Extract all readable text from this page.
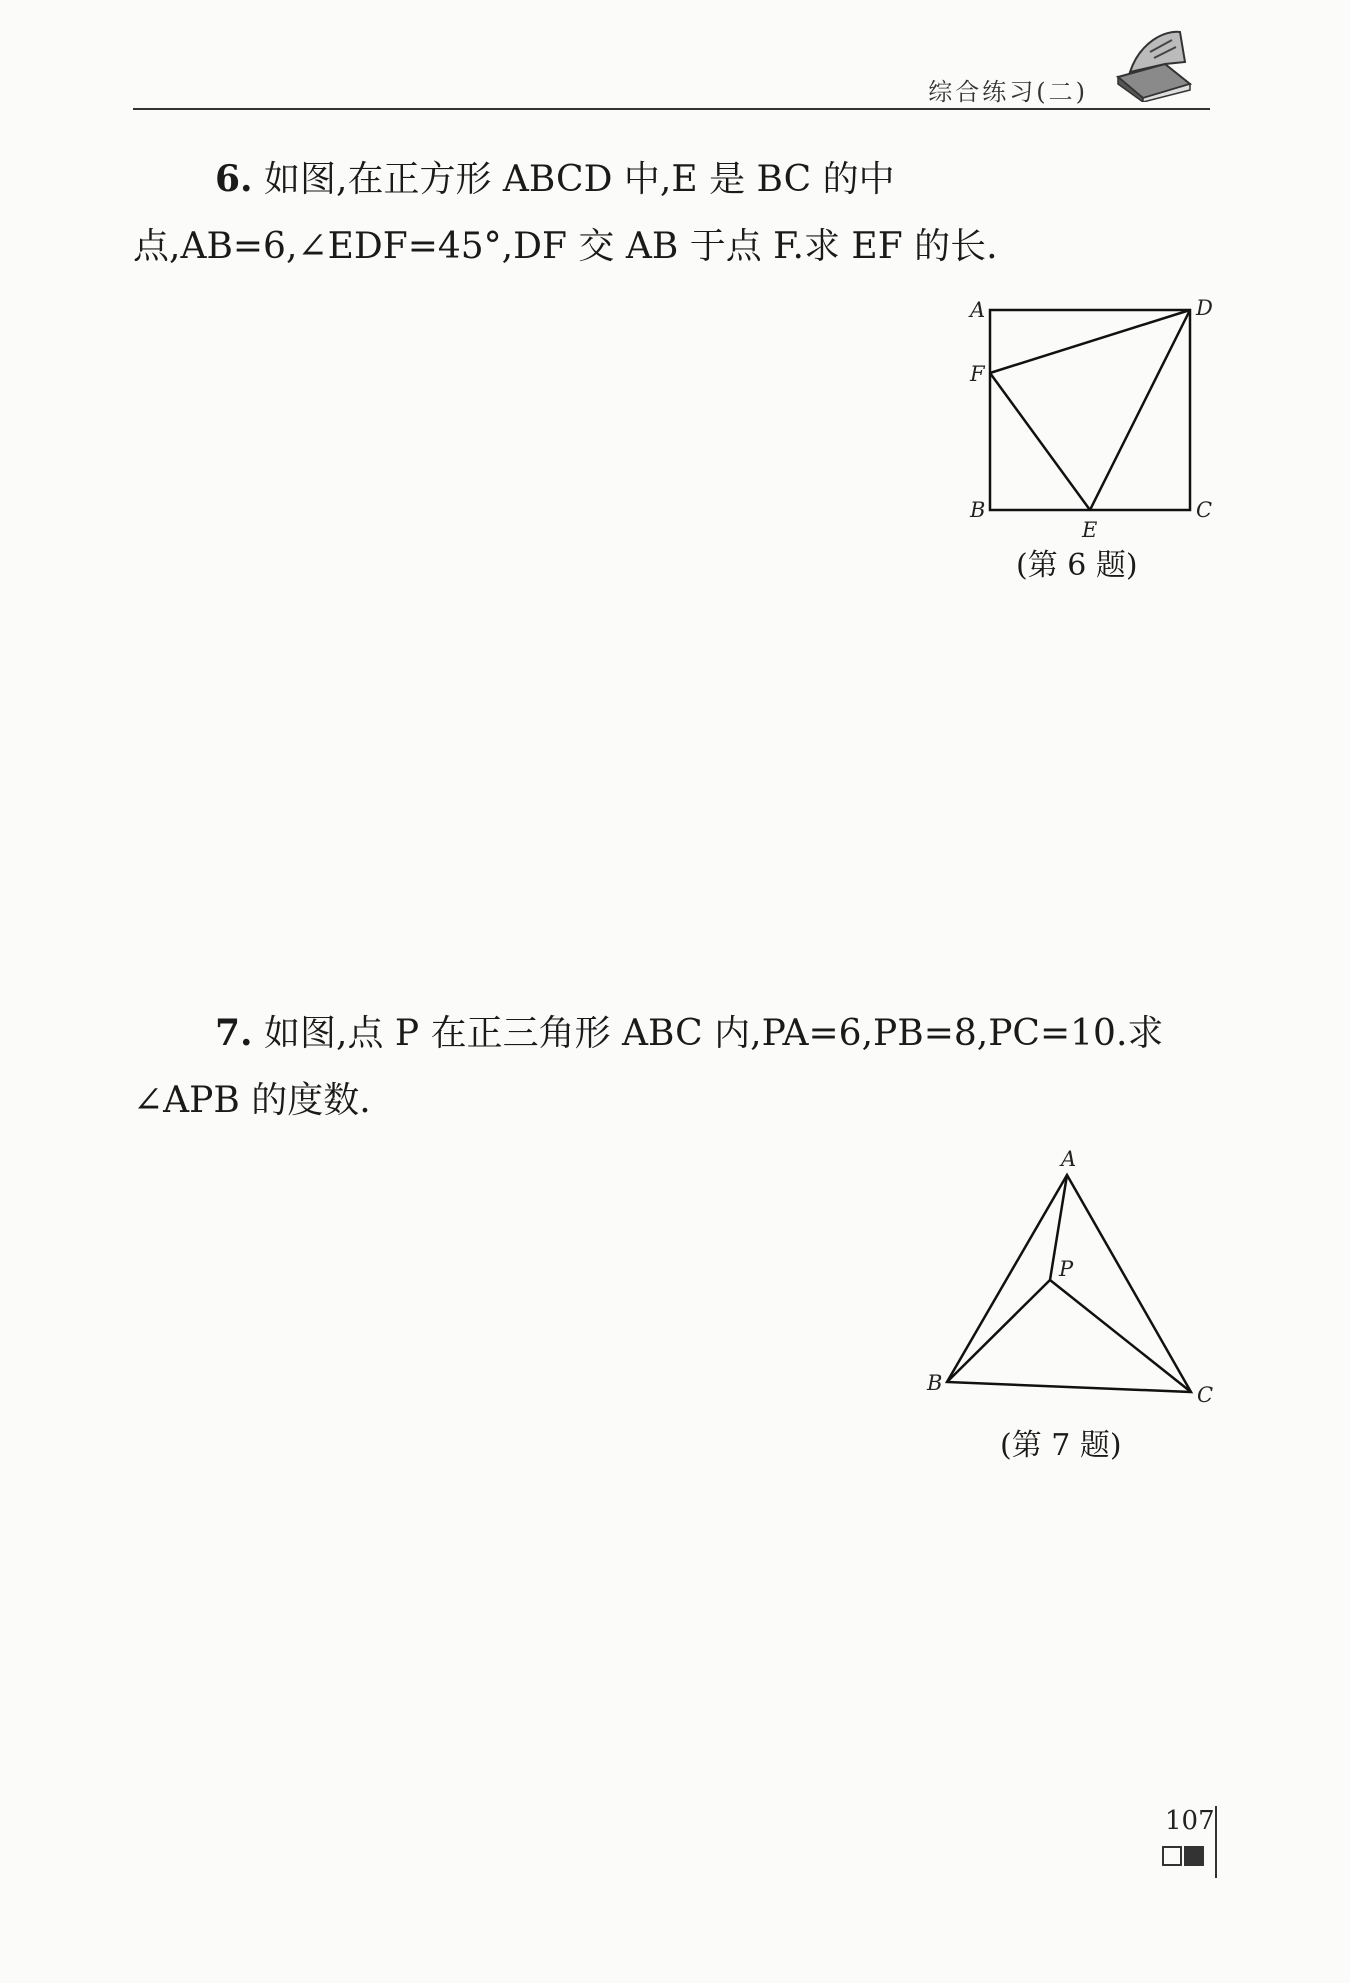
综合练习(二)
6. 如图,在正方形 ABCD 中,E 是 BC 的中点,AB=6,∠EDF=45°,DF 交 AB 于点 F.求 EF 的长.
A	D
F
B	C
E
(第 6 题)
7. 如图,点 P 在正三角形 ABC 内,PA=6,PB=8,PC=10.求∠APB 的度数.
A
P
B	C
(第 7 题)
107
